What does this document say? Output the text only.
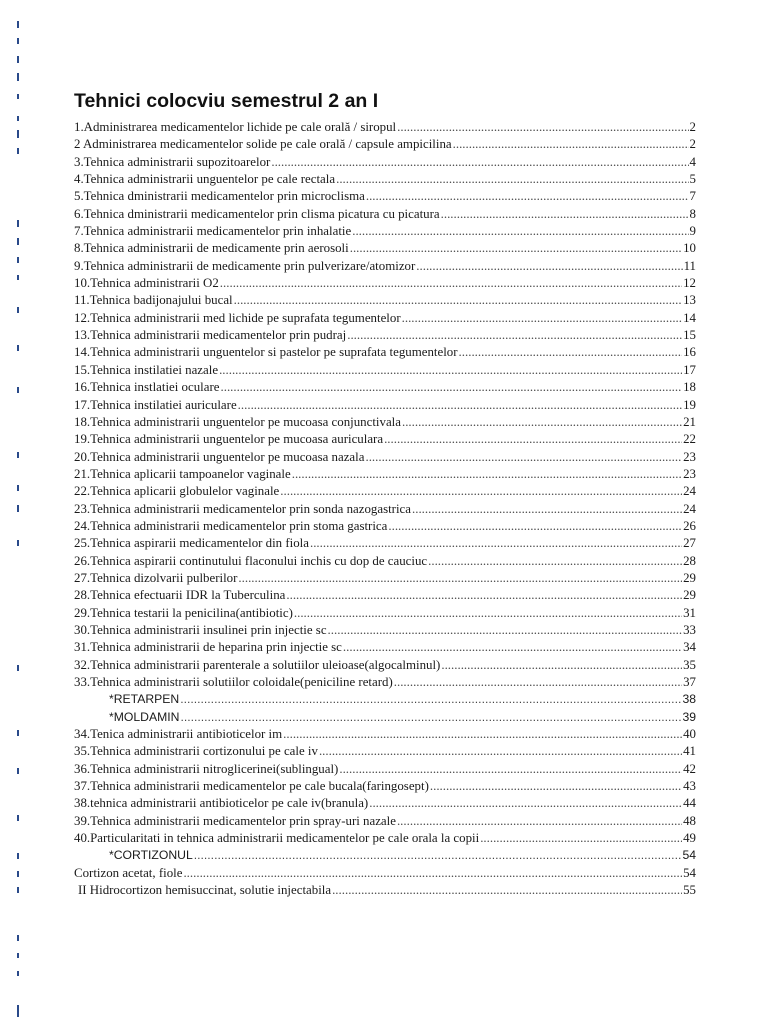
Tehnici colocviu semestrul 2 an I
1.Administrarea medicamentelor lichide pe cale orală / siropul .....	2
2 Administrarea medicamentelor solide pe cale orală / capsule ampicilina .....	2
3.Tehnica administrarii supozitoarelor .....	4
4.Tehnica administrarii unguentelor pe cale rectala .....	5
5.Tehnica dministrarii medicamentelor prin microclisma .....	7
6.Tehnica dministrarii medicamentelor prin clisma picatura cu picatura .....	8
7.Tehnica administrarii medicamentelor prin inhalatie .....	9
8.Tehnica administrarii de medicamente prin aerosoli .....	10
9.Tehnica administrarii de medicamente prin pulverizare/atomizor .....	11
10.Tehnica administrarii O2 .....	12
11.Tehnica badijonajului bucal .....	13
12.Tehnica administrarii med lichide pe suprafata tegumentelor .....	14
13.Tehnica administrarii medicamentelor prin pudraj .....	15
14.Tehnica administrarii unguentelor si pastelor pe suprafata tegumentelor .....	16
15.Tehnica instilatiei nazale .....	17
16.Tehnica instlatiei oculare .....	18
17.Tehnica instilatiei auriculare .....	19
18.Tehnica administrarii unguentelor pe mucoasa conjunctivala .....	21
19.Tehnica administrarii unguentelor pe mucoasa auriculara .....	22
20.Tehnica administrarii unguentelor pe mucoasa nazala .....	23
21.Tehnica aplicarii tampoanelor vaginale .....	23
22.Tehnica aplicarii globulelor vaginale .....	24
23.Tehnica administrarii medicamentelor prin sonda nazogastrica .....	24
24.Tehnica administrarii medicamentelor prin stoma gastrica .....	26
25.Tehnica aspirarii medicamentelor din fiola .....	27
26.Tehnica aspirarii continutului flaconului inchis cu dop de cauciuc .....	28
27.Tehnica dizolvarii pulberilor .....	29
28.Tehnica efectuarii IDR la Tuberculina .....	29
29.Tehnica testarii la penicilina(antibiotic) .....	31
30.Tehnica administrarii insulinei prin injectie sc .....	33
31.Tehnica administrarii de heparina prin injectie sc .....	34
32.Tehnica administrarii parenterale a solutiilor uleioase(algocalminul) .....	35
33.Tehnica administrarii solutiilor coloidale(peniciline retard) .....	37
*RETARPEN .....	38
*MOLDAMIN .....	39
34.Tenica administrarii antibioticelor im .....	40
35.Tehnica administrarii cortizonului pe cale iv .....	41
36.Tehnica administrarii nitroglicerinei(sublingual) .....	42
37.Tehnica administrarii medicamentelor pe cale bucala(faringosept) .....	43
38.tehnica administrarii antibioticelor pe cale iv(branula) .....	44
39.Tehnica administrarii medicamentelor prin spray-uri nazale .....	48
40.Particularitati in tehnica administrarii medicamentelor pe cale orala la copii .....	49
*CORTIZONUL .....	54
Cortizon acetat, fiole .....	54
II Hidrocortizon hemisuccinat, solutie injectabila .....	55
